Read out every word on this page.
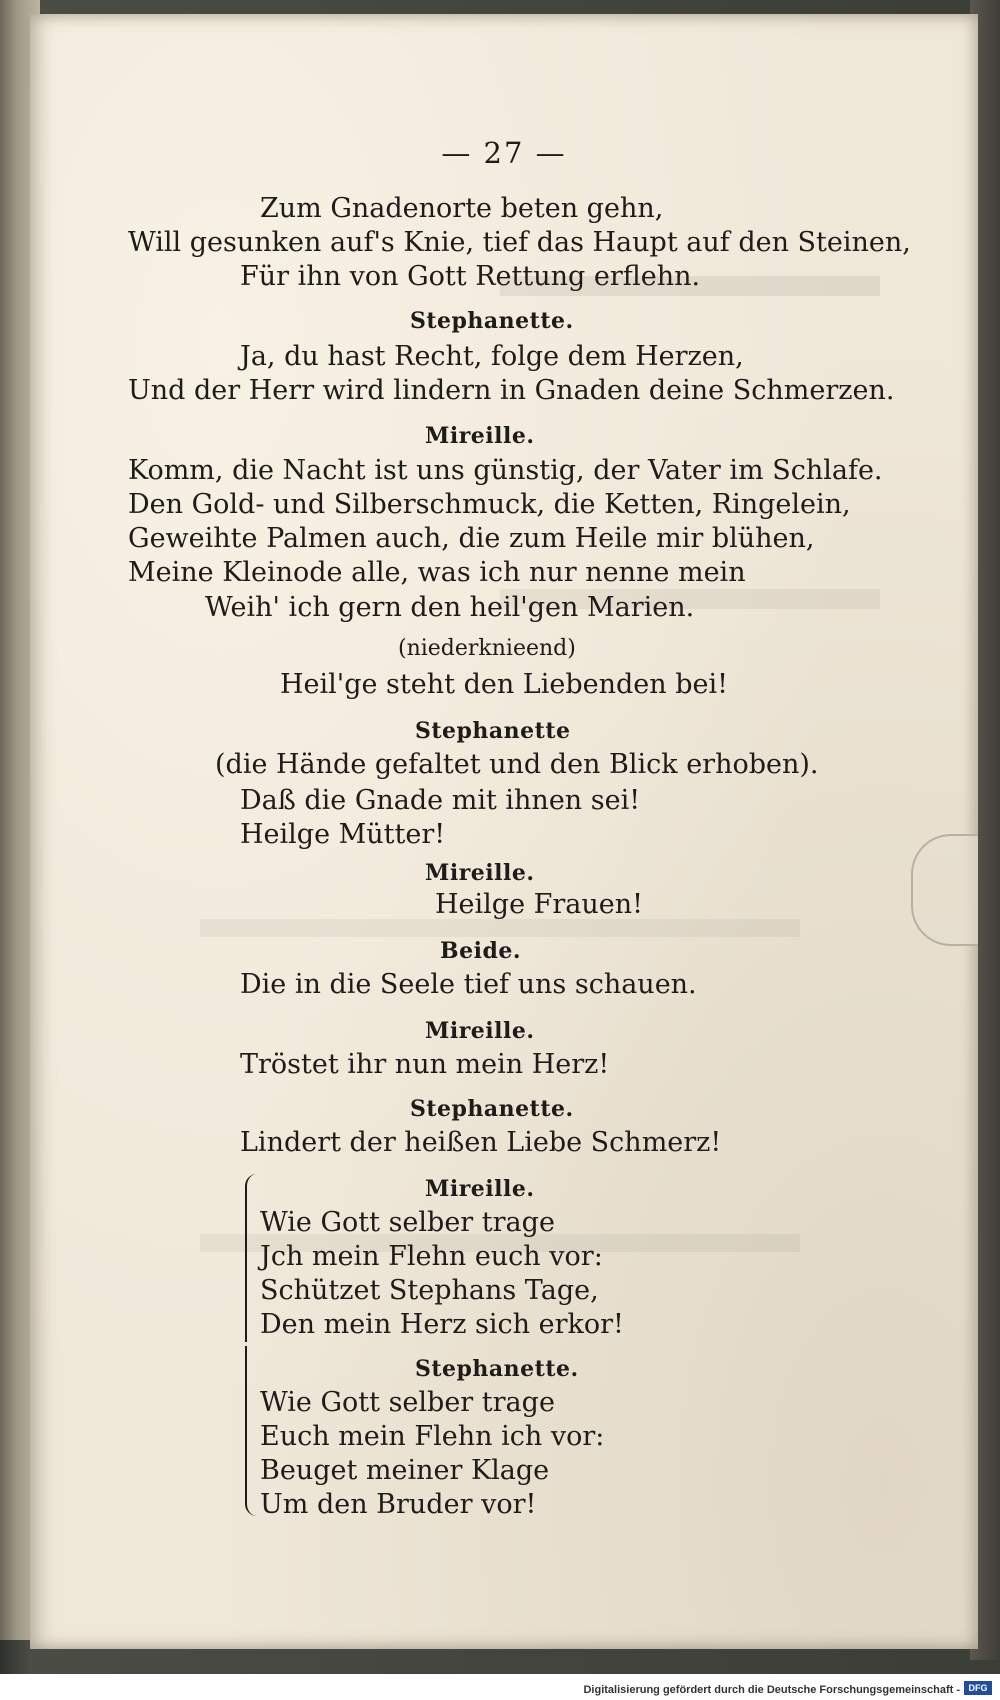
— 27 —
Zum Gnadenorte beten gehn,
Will gesunken auf's Knie, tief das Haupt auf den Steinen,
Für ihn von Gott Rettung erflehn.
Stephanette.
Ja, du hast Recht, folge dem Herzen,
Und der Herr wird lindern in Gnaden deine Schmerzen.
Mireille.
Komm, die Nacht ist uns günstig, der Vater im Schlafe.
Den Gold- und Silberschmuck, die Ketten, Ringelein,
Geweihte Palmen auch, die zum Heile mir blühen,
Meine Kleinode alle, was ich nur nenne mein
Weih' ich gern den heil'gen Marien.
(niederknieend)
Heil'ge steht den Liebenden bei!
Stephanette
(die Hände gefaltet und den Blick erhoben).
Daß die Gnade mit ihnen sei!
Heilge Mütter!
Mireille.
Heilge Frauen!
Beide.
Die in die Seele tief uns schauen.
Mireille.
Tröstet ihr nun mein Herz!
Stephanette.
Lindert der heißen Liebe Schmerz!
Mireille.
Wie Gott selber trage
Jch mein Flehn euch vor:
Schützet Stephans Tage,
Den mein Herz sich erkor!
Stephanette.
Wie Gott selber trage
Euch mein Flehn ich vor:
Beuget meiner Klage
Um den Bruder vor!
Digitalisierung gefördert durch die Deutsche Forschungsgemeinschaft - DFG
